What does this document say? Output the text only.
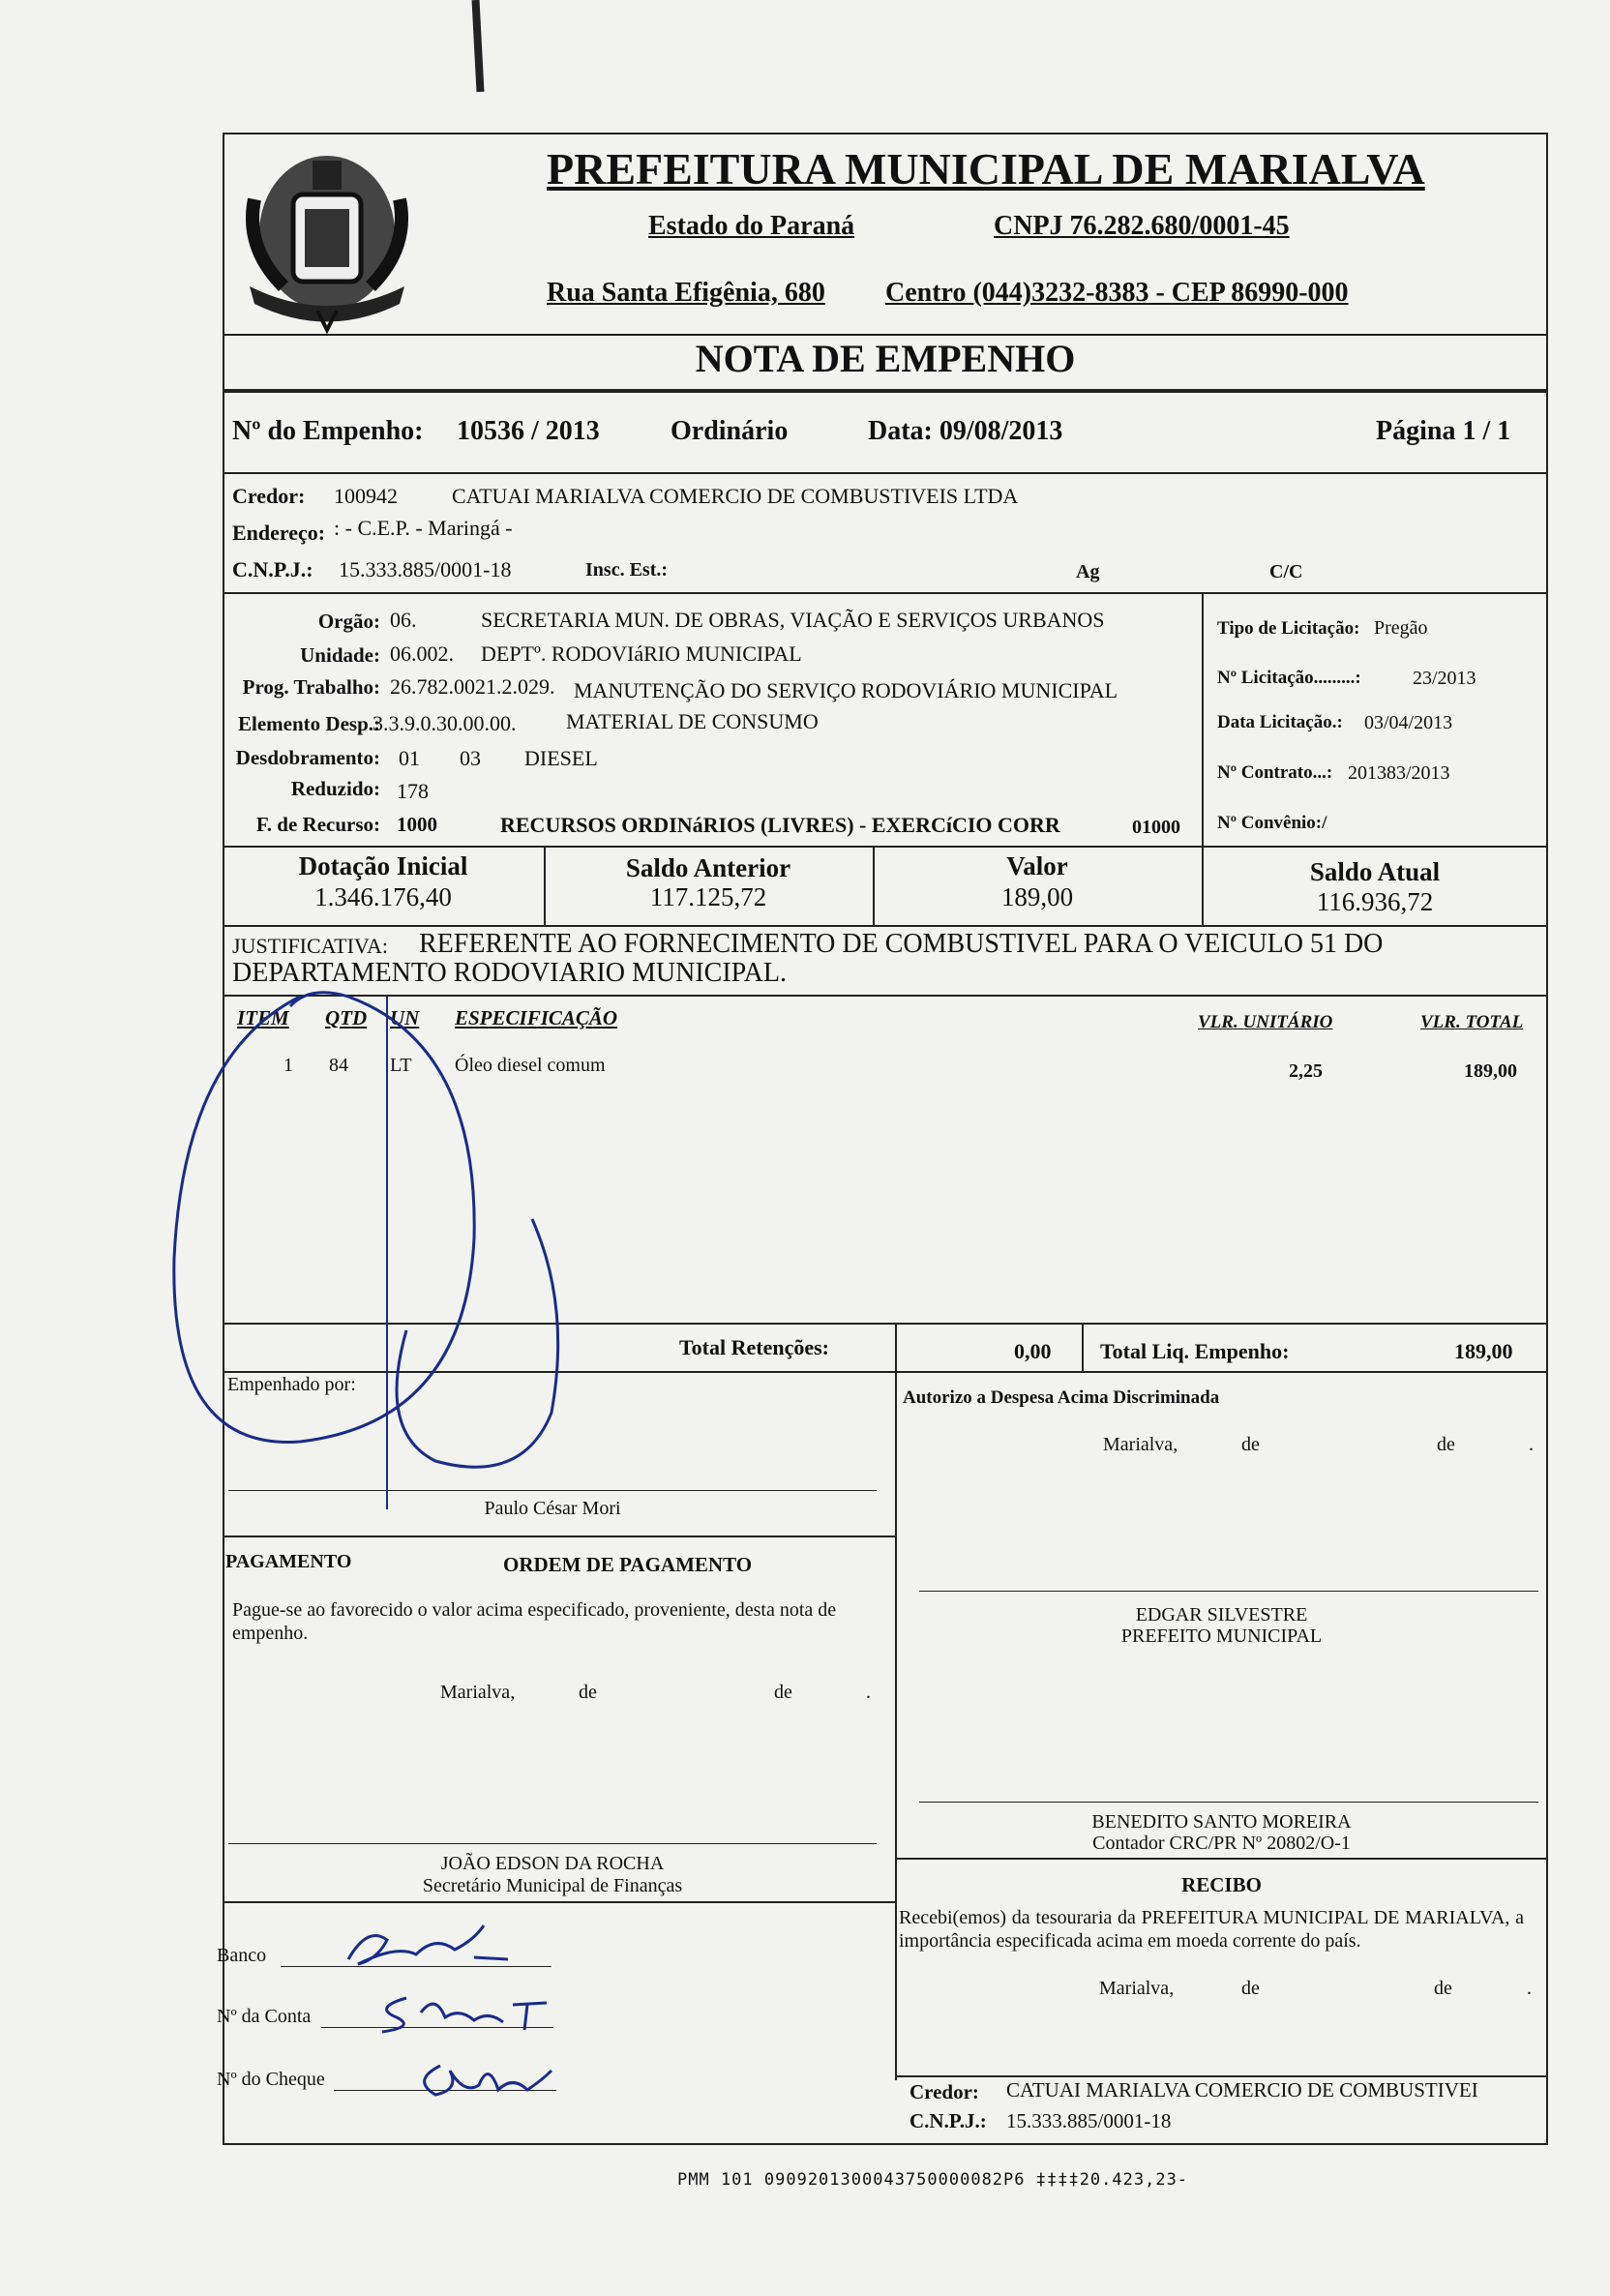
PREFEITURA MUNICIPAL DE MARIALVA
Estado do Paraná	CNPJ 76.282.680/0001-45
Rua Santa Efigênia, 680 Centro (044)3232-8383 - CEP 86990-000
NOTA DE EMPENHO
Nº do Empenho: 10536 / 2013	Ordinário	Data: 09/08/2013	Página 1 / 1
Credor: 100942	CATUAI MARIALVA COMERCIO DE COMBUSTIVEIS LTDA
Endereço: : - C.E.P. - Maringá -
C.N.P.J.: 15.333.885/0001-18	Insc. Est.:	Ag	C/C
Orgão: 06.	SECRETARIA MUN. DE OBRAS, VIAÇÃO E SERVIÇOS URBANOS
Unidade: 06.002. DEPTº. RODOVIáRIO MUNICIPAL
Prog. Trabalho: 26.782.0021.2.029. MANUTENÇÃO DO SERVIÇO RODOVIÁRIO MUNICIPAL
Elemento Desp.:
3.3.9.0.30.00.00. MATERIAL DE CONSUMO
Desdobramento: 01 03 DIESEL
Reduzido: 178
F. de Recurso: 1000	RECURSOS ORDINáRIOS (LIVRES) - EXERCíCIO CORR	01000
Tipo de Licitação: Pregão
Nº Licitação.........:	23/2013
Data Licitação.: 03/04/2013
Nº Contrato...: 201383/2013
Nº Convênio:/
Dotação Inicial
1.346.176,40
Saldo Anterior
117.125,72
Valor
189,00
Saldo Atual
116.936,72
JUSTIFICATIVA: REFERENTE AO FORNECIMENTO DE COMBUSTIVEL PARA O VEICULO 51 DO
DEPARTAMENTO RODOVIARIO MUNICIPAL.
ITEM QTD UN ESPECIFICAÇÃO	VLR. UNITÁRIO	VLR. TOTAL
1 84 LT Óleo diesel comum	2,25	189,00
Total Retenções:	0,00 Total Liq. Empenho:	189,00
Empenhado por:
Paulo César Mori
Autorizo a Despesa Acima Discriminada
Marialva,	de	de	.
PAGAMENTO	ORDEM DE PAGAMENTO
Pague-se ao favorecido o valor acima especificado, proveniente, desta nota de empenho.
Marialva,	de	de	.
JOÃO EDSON DA ROCHA
Secretário Municipal de Finanças
Banco
Nº da Conta
Nº do Cheque
EDGAR SILVESTRE
PREFEITO MUNICIPAL
BENEDITO SANTO MOREIRA
Contador CRC/PR Nº 20802/O-1
RECIBO
Recebi(emos) da tesouraria da PREFEITURA MUNICIPAL DE MARIALVA, a importância especificada acima em moeda corrente do país.
Marialva,	de	de	.
Credor: CATUAI MARIALVA COMERCIO DE COMBUSTIVEI
C.N.P.J.: 15.333.885/0001-18
PMM 101 0909201300043750000082P6 ‡‡‡‡20.423,23-
